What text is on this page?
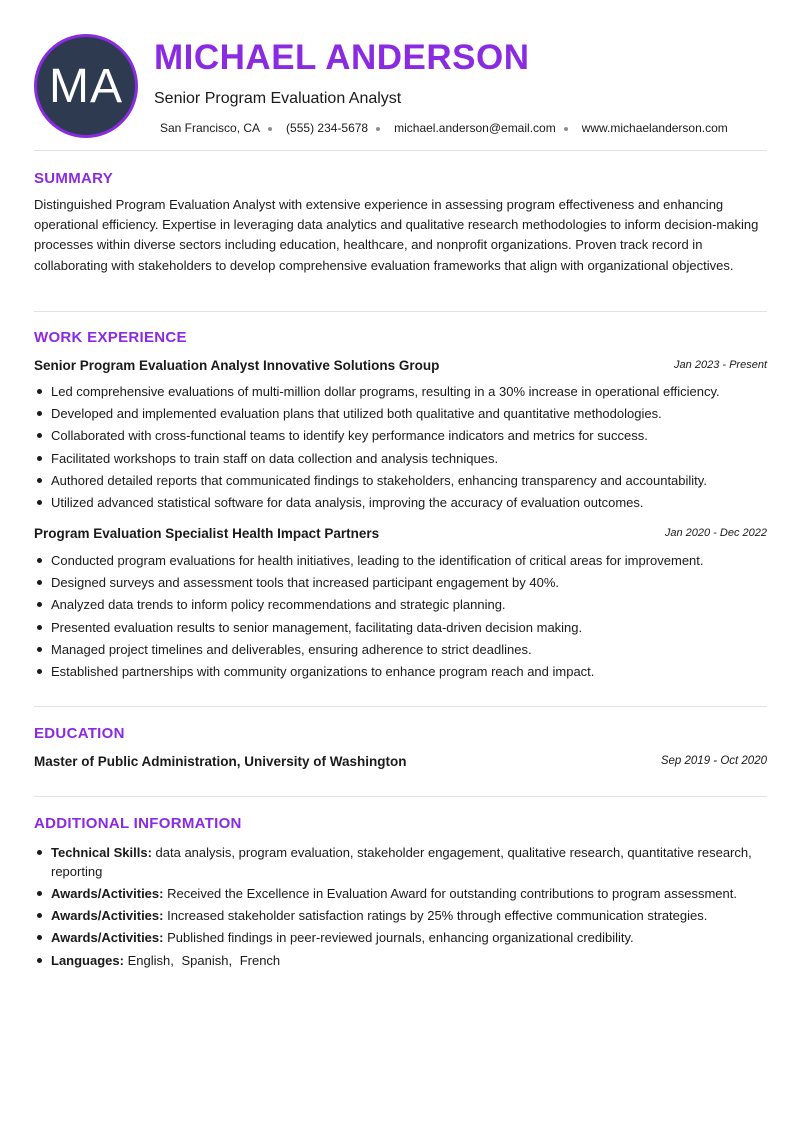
MA
MICHAEL ANDERSON
Senior Program Evaluation Analyst
San Francisco, CA (555) 234-5678 michael.anderson@email.com www.michaelanderson.com
SUMMARY

Distinguished Program Evaluation Analyst with extensive experience in assessing program effectiveness and enhancing operational efficiency. Expertise in leveraging data analytics and qualitative research methodologies to inform decision-making processes within diverse sectors including education, healthcare, and nonprofit organizations. Proven track record in collaborating with stakeholders to develop comprehensive evaluation frameworks that align with organizational objectives.

WORK EXPERIENCE
Senior Program Evaluation Analyst Innovative Solutions Group	Jan 2023 - Present
Led comprehensive evaluations of multi-million dollar programs, resulting in a 30% increase in operational efficiency.
Developed and implemented evaluation plans that utilized both qualitative and quantitative methodologies.
Collaborated with cross-functional teams to identify key performance indicators and metrics for success.
Facilitated workshops to train staff on data collection and analysis techniques.
Authored detailed reports that communicated findings to stakeholders, enhancing transparency and accountability.
Utilized advanced statistical software for data analysis, improving the accuracy of evaluation outcomes.
Program Evaluation Specialist Health Impact Partners	Jan 2020 - Dec 2022
Conducted program evaluations for health initiatives, leading to the identification of critical areas for improvement.
Designed surveys and assessment tools that increased participant engagement by 40%.
Analyzed data trends to inform policy recommendations and strategic planning.
Presented evaluation results to senior management, facilitating data-driven decision making.
Managed project timelines and deliverables, ensuring adherence to strict deadlines.
Established partnerships with community organizations to enhance program reach and impact.
EDUCATION
Master of Public Administration, University of Washington	Sep 2019 - Oct 2020
ADDITIONAL INFORMATION
Technical Skills: data analysis, program evaluation, stakeholder engagement, qualitative research, quantitative research, reporting
Awards/Activities: Received the Excellence in Evaluation Award for outstanding contributions to program assessment.
Awards/Activities: Increased stakeholder satisfaction ratings by 25% through effective communication strategies.
Awards/Activities: Published findings in peer-reviewed journals, enhancing organizational credibility.
Languages: English, Spanish, French
